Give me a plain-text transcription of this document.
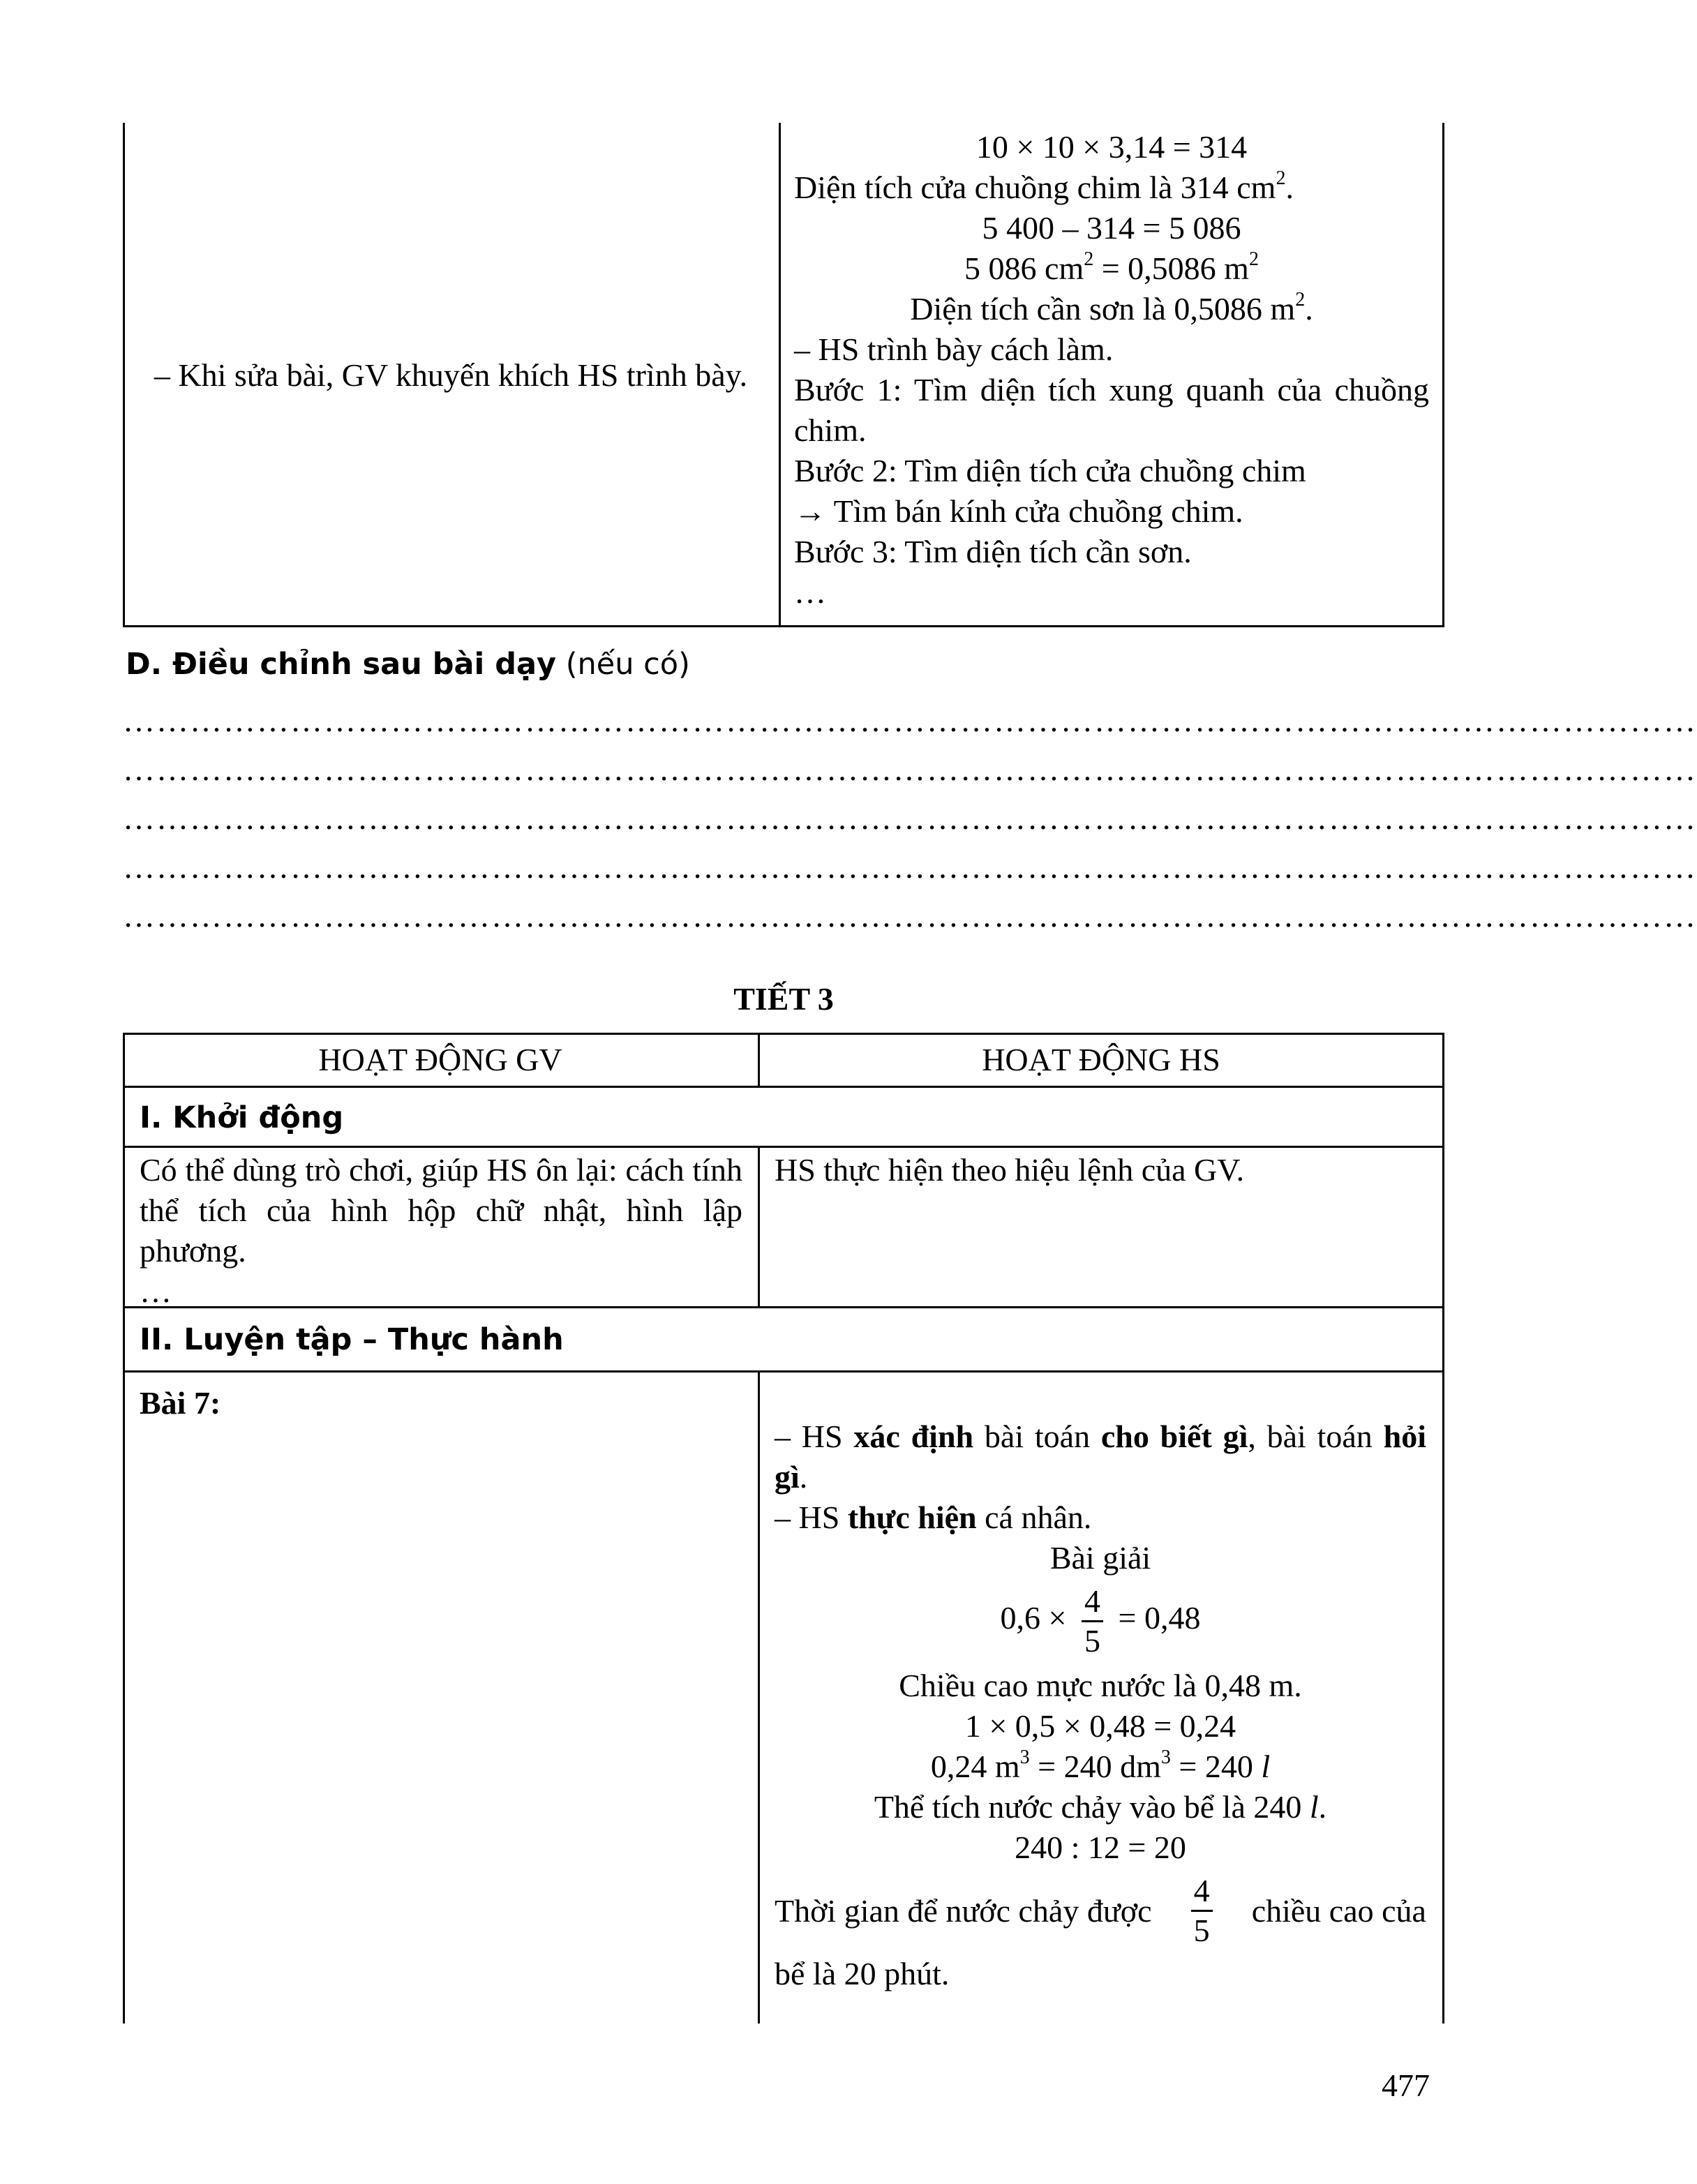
– Khi sửa bài, GV khuyến khích HS trình bày.
10 × 10 × 3,14 = 314
Diện tích cửa chuồng chim là 314 $cm^2$.
5 400 – 314 = 5 086
5 086 $cm^2 = 0,5086$ $m^2$
Diện tích cần sơn là 0,5086 $m^2$.
– HS trình bày cách làm.
Bước 1: Tìm diện tích xung quanh của chuồng chim.
Bước 2: Tìm diện tích cửa chuồng chim
→ Tìm bán kính cửa chuồng chim.
Bước 3: Tìm diện tích cần sơn.
…
D. Điều chỉnh sau bài dạy (nếu có)
……………………………………………………………………………………………………………………………
……………………………………………………………………………………………………………………………
……………………………………………………………………………………………………………………………
……………………………………………………………………………………………………………………………
……………………………………………………………………………………………………………………………
TIẾT 3
HOẠT ĐỘNG GV	HOẠT ĐỘNG HS
I. Khởi động
Có thể dùng trò chơi, giúp HS ôn lại: cách tính thể tích của hình hộp chữ nhật, hình lập phương.
…
HS thực hiện theo hiệu lệnh của GV.
II. Luyện tập – Thực hành
Bài 7:
– HS xác định bài toán cho biết gì, bài toán hỏi gì.
– HS thực hiện cá nhân.
Bài giải
$0,6 \times \frac{4}{5} = 0,48$
Chiều cao mực nước là 0,48 m.
1 × 0,5 × 0,48 = 0,24
0,24 $m^3 = 240$ $dm^3 = 240$ l
Thể tích nước chảy vào bể là 240 l.
240 : 12 = 20
Thời gian để nước chảy được $\frac{4}{5}$ chiều cao của
bể là 20 phút.
477
